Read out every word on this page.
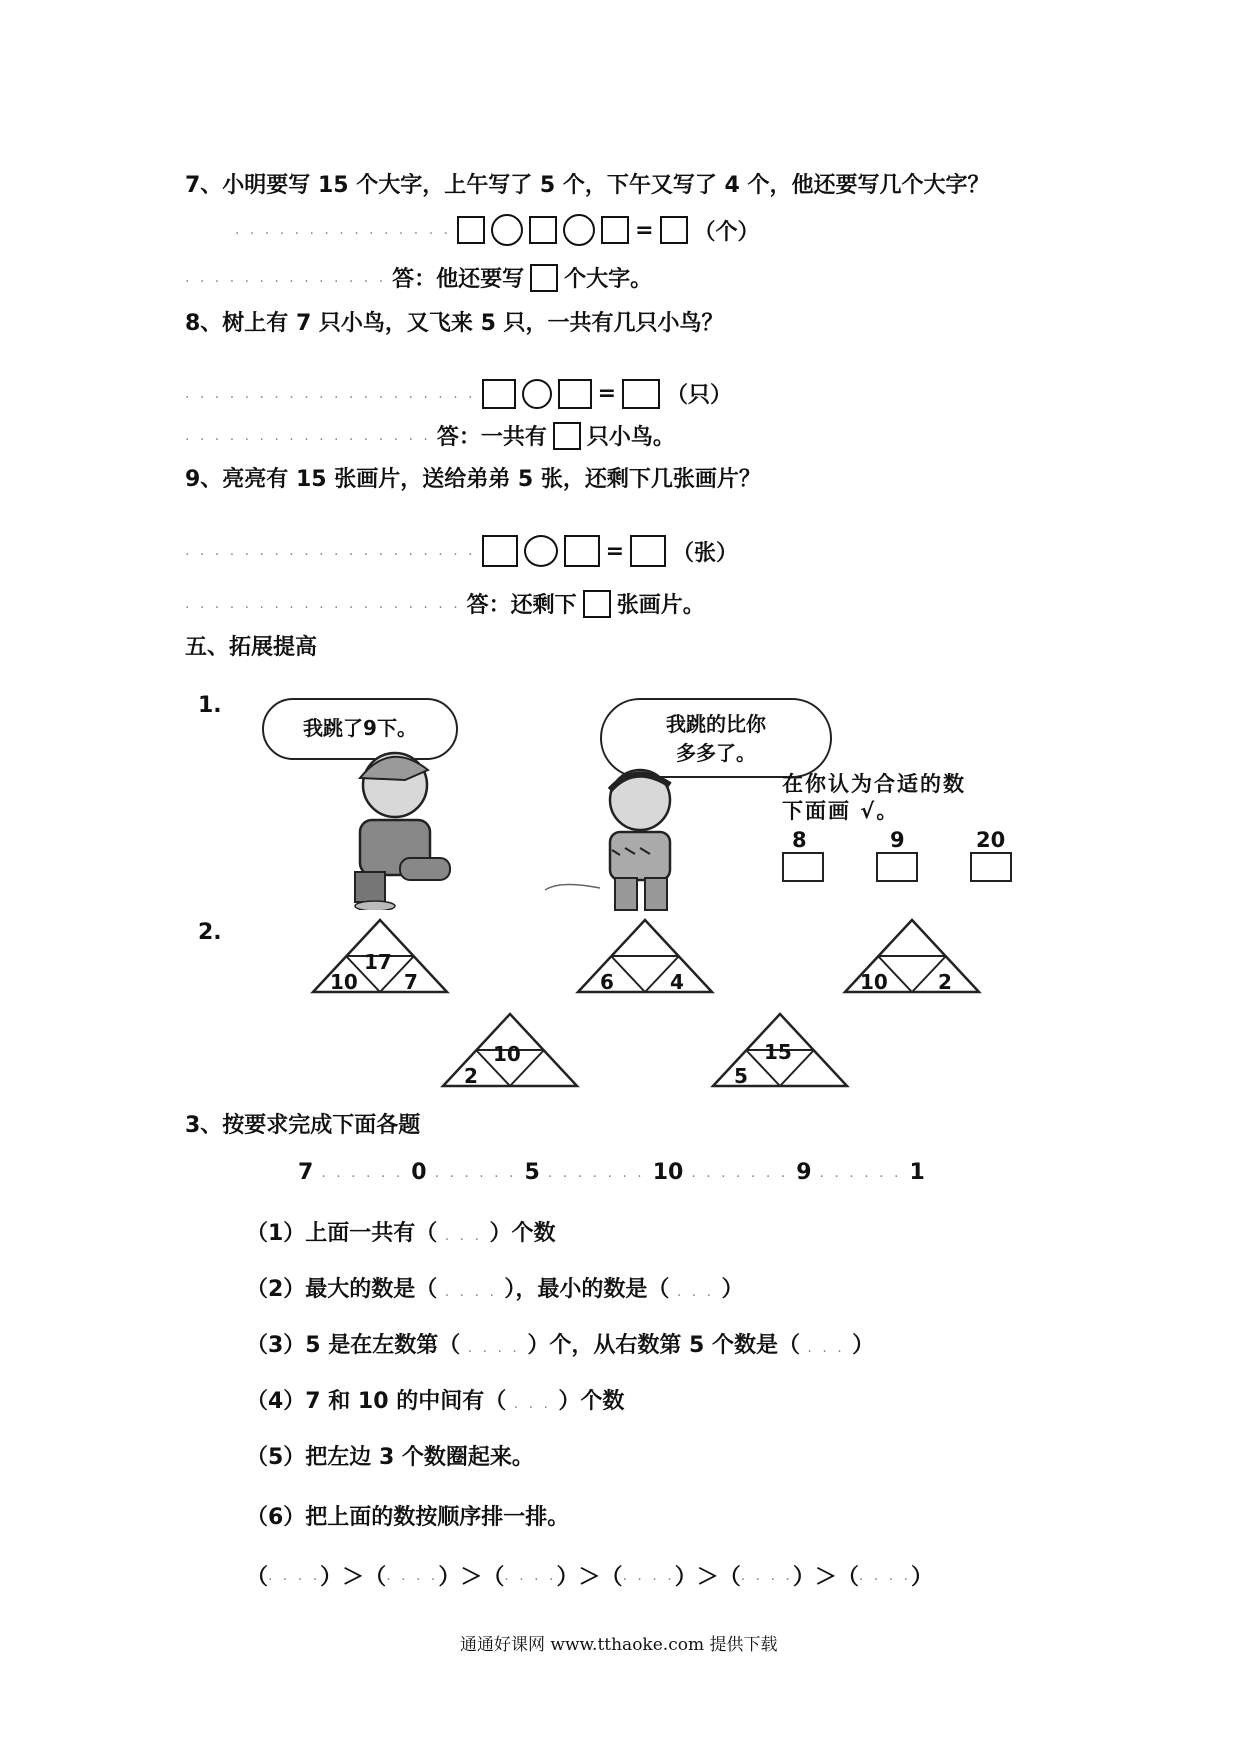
7、小明要写 15 个大字，上午写了 5 个，下午又写了 4 个，他还要写几个大字？
. . . . . . . . . . . . . . .	= （个）
. . . . . . . . . . . . . . 答：他还要写 个大字。
8、树上有 7 只小鸟，又飞来 5 只，一共有几只小鸟？
. . . . . . . . . . . . . . . . . . . .	= （只）
. . . . . . . . . . . . . . . . . 答：一共有 只小鸟。
9、亮亮有 15 张画片，送给弟弟 5 张，还剩下几张画片？
. . . . . . . . . . . . . . . . . . . .	= （张）
. . . . . . . . . . . . . . . . . . . 答：还剩下 张画片。
五、拓展提高
1.
我跳了9下。	我跳的比你
多多了。
在你认为合适的数
下面画 √。
8	9	20
2.
17
10 7	6	4	10	2
10
2
15
5
3、按要求完成下面各题
7 . . . . . . 0 . . . . . . 5 . . . . . . . 10 . . . . . . . 9 . . . . . . 1
（1）上面一共有（ . . . ）个数
（2）最大的数是（ . . . . ），最小的数是（ . . . ）
（3）5 是在左数第（ . . . . ）个，从右数第 5 个数是（ . . . ）
（4）7 和 10 的中间有（ . . . ）个数
（5）把左边 3 个数圈起来。
（6）把上面的数按顺序排一排。
（ . . . . ）＞（ . . . . ）＞（ . . . . ）＞（ . . . . ）＞（ . . . . ）＞（ . . . . ）
通通好课网 www.tthaoke.com 提供下载
